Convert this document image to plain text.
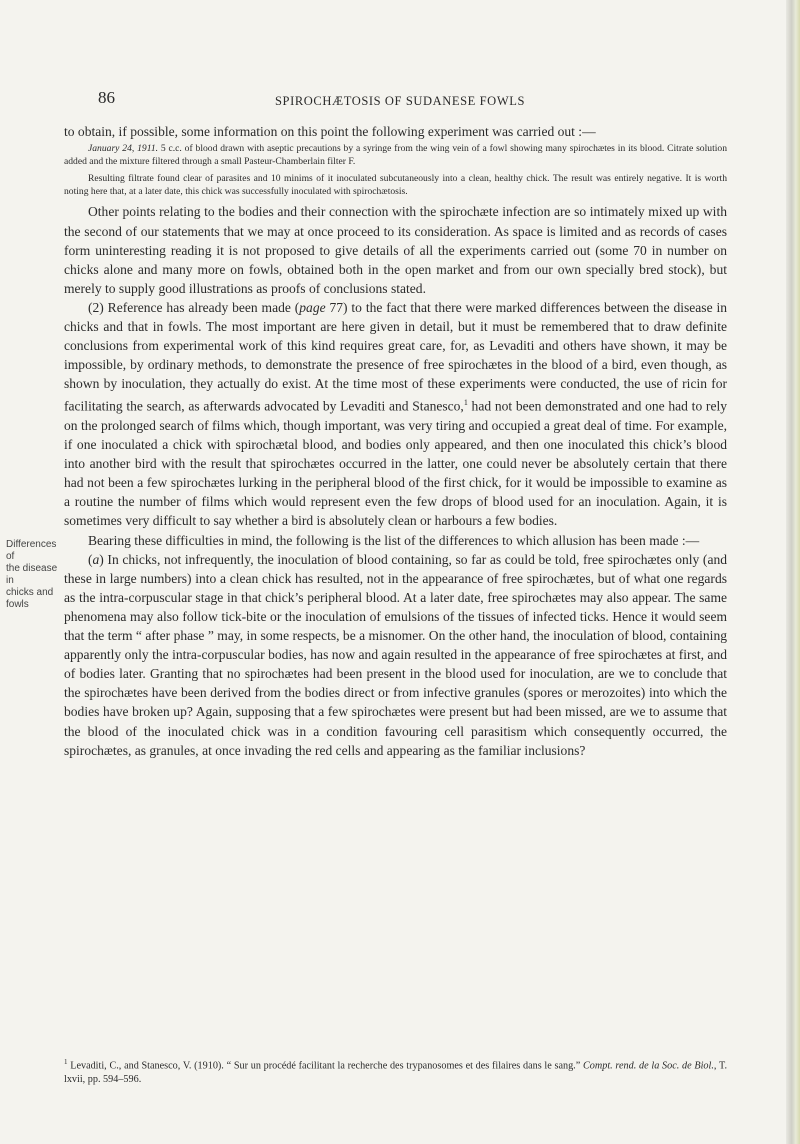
86	SPIROCHÆTOSIS OF SUDANESE FOWLS
Differences of
the disease in
chicks and
fowls

to obtain, if possible, some information on this point the following experiment was carried out :—

January 24, 1911. 5 c.c. of blood drawn with aseptic precautions by a syringe from the wing vein of a fowl showing many spirochætes in its blood. Citrate solution added and the mixture filtered through a small Pasteur-Chamberlain filter F.

Resulting filtrate found clear of parasites and 10 minims of it inoculated subcutaneously into a clean, healthy chick. The result was entirely negative. It is worth noting here that, at a later date, this chick was successfully inoculated with spirochætosis.

Other points relating to the bodies and their connection with the spirochæte infection are so intimately mixed up with the second of our statements that we may at once proceed to its consideration. As space is limited and as records of cases form uninteresting reading it is not proposed to give details of all the experiments carried out (some 70 in number on chicks alone and many more on fowls, obtained both in the open market and from our own specially bred stock), but merely to supply good illustrations as proofs of conclusions stated.

(2) Reference has already been made (page 77) to the fact that there were marked differences between the disease in chicks and that in fowls. The most important are here given in detail, but it must be remembered that to draw definite conclusions from experimental work of this kind requires great care, for, as Levaditi and others have shown, it may be impossible, by ordinary methods, to demonstrate the presence of free spirochætes in the blood of a bird, even though, as shown by inoculation, they actually do exist. At the time most of these experiments were conducted, the use of ricin for facilitating the search, as afterwards advocated by Levaditi and Stanesco,$^1$ had not been demonstrated and one had to rely on the prolonged search of films which, though important, was very tiring and occupied a great deal of time. For example, if one inoculated a chick with spirochætal blood, and bodies only appeared, and then one inoculated this chick’s blood into another bird with the result that spirochætes occurred in the latter, one could never be absolutely certain that there had not been a few spirochætes lurking in the peripheral blood of the first chick, for it would be impossible to examine as a routine the number of films which would represent even the few drops of blood used for an inoculation. Again, it is sometimes very difficult to say whether a bird is absolutely clean or harbours a few bodies.

Bearing these difficulties in mind, the following is the list of the differences to which allusion has been made :—

(a) In chicks, not infrequently, the inoculation of blood containing, so far as could be told, free spirochætes only (and these in large numbers) into a clean chick has resulted, not in the appearance of free spirochætes, but of what one regards as the intra-corpuscular stage in that chick’s peripheral blood. At a later date, free spirochætes may also appear. The same phenomena may also follow tick-bite or the inoculation of emulsions of the tissues of infected ticks. Hence it would seem that the term “ after phase ” may, in some respects, be a misnomer. On the other hand, the inoculation of blood, containing apparently only the intra-corpuscular bodies, has now and again resulted in the appearance of free spirochætes at first, and of bodies later. Granting that no spirochætes had been present in the blood used for inoculation, are we to conclude that the spirochætes have been derived from the bodies direct or from infective granules (spores or merozoites) into which the bodies have broken up? Again, supposing that a few spirochætes were present but had been missed, are we to assume that the blood of the inoculated chick was in a condition favouring cell parasitism which consequently occurred, the spirochætes, as granules, at once invading the red cells and appearing as the familiar inclusions?

$^1$ Levaditi, C., and Stanesco, V. (1910). “ Sur un procédé facilitant la recherche des trypanosomes et des filaires dans le sang.” Compt. rend. de la Soc. de Biol., T. lxvii, pp. 594–596.
